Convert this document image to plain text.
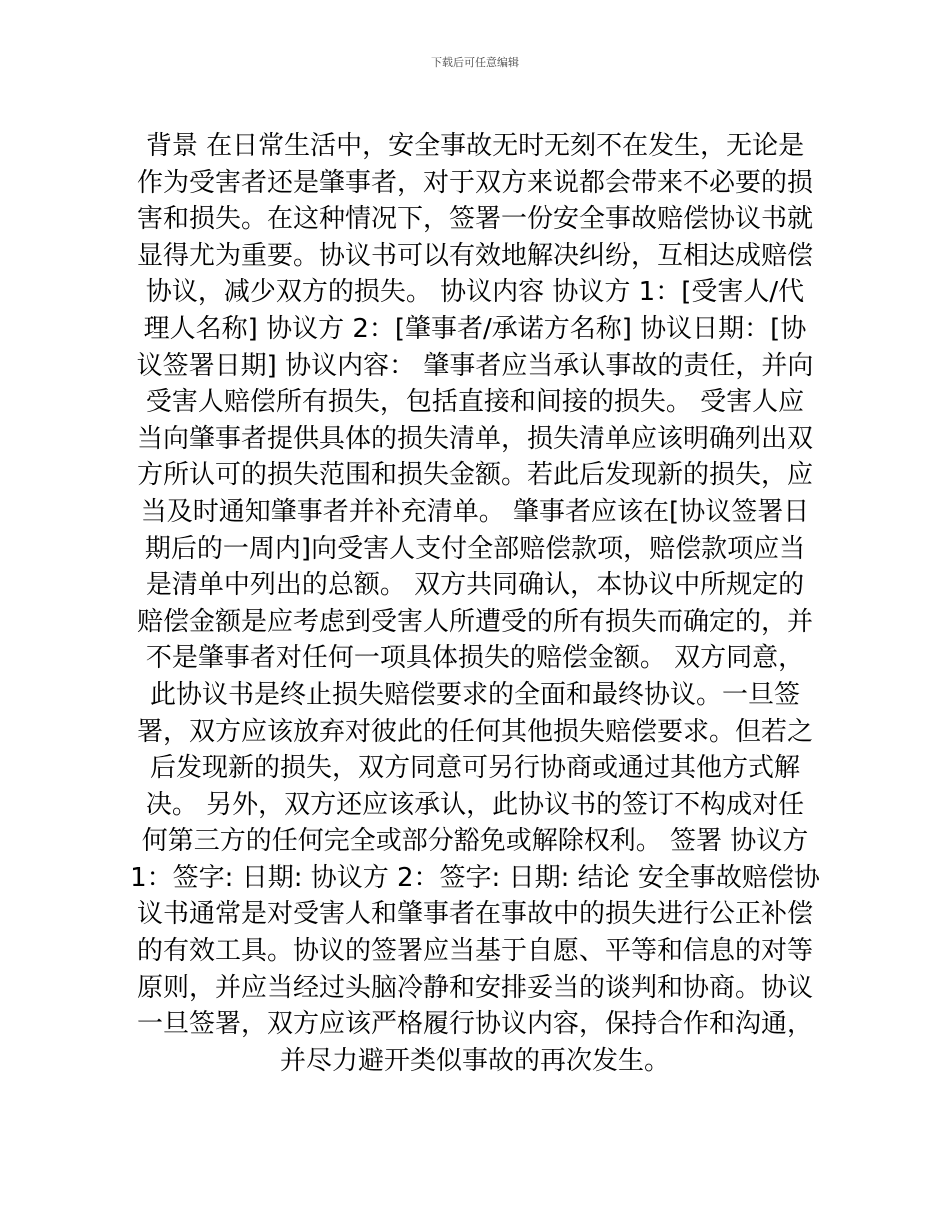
下载后可任意编辑
背景 在日常生活中，安全事故无时无刻不在发生，无论是
作为受害者还是肇事者，对于双方来说都会带来不必要的损
害和损失。在这种情况下，签署一份安全事故赔偿协议书就
显得尤为重要。协议书可以有效地解决纠纷，互相达成赔偿
协议，减少双方的损失。 协议内容 协议方 1：[受害人/代
理人名称] 协议方 2：[肇事者/承诺方名称] 协议日期：[协
议签署日期] 协议内容： 肇事者应当承认事故的责任，并向
受害人赔偿所有损失，包括直接和间接的损失。 受害人应
当向肇事者提供具体的损失清单，损失清单应该明确列出双
方所认可的损失范围和损失金额。若此后发现新的损失，应
当及时通知肇事者并补充清单。 肇事者应该在[协议签署日
期后的一周内]向受害人支付全部赔偿款项，赔偿款项应当
是清单中列出的总额。 双方共同确认，本协议中所规定的
赔偿金额是应考虑到受害人所遭受的所有损失而确定的，并
不是肇事者对任何一项具体损失的赔偿金额。 双方同意，
此协议书是终止损失赔偿要求的全面和最终协议。一旦签
署，双方应该放弃对彼此的任何其他损失赔偿要求。但若之
后发现新的损失，双方同意可另行协商或通过其他方式解
决。 另外，双方还应该承认，此协议书的签订不构成对任
何第三方的任何完全或部分豁免或解除权利。 签署 协议方
1：签字: 日期: 协议方 2：签字: 日期: 结论 安全事故赔偿协
议书通常是对受害人和肇事者在事故中的损失进行公正补偿
的有效工具。协议的签署应当基于自愿、平等和信息的对等
原则，并应当经过头脑冷静和安排妥当的谈判和协商。协议
一旦签署，双方应该严格履行协议内容，保持合作和沟通，
并尽力避开类似事故的再次发生。
